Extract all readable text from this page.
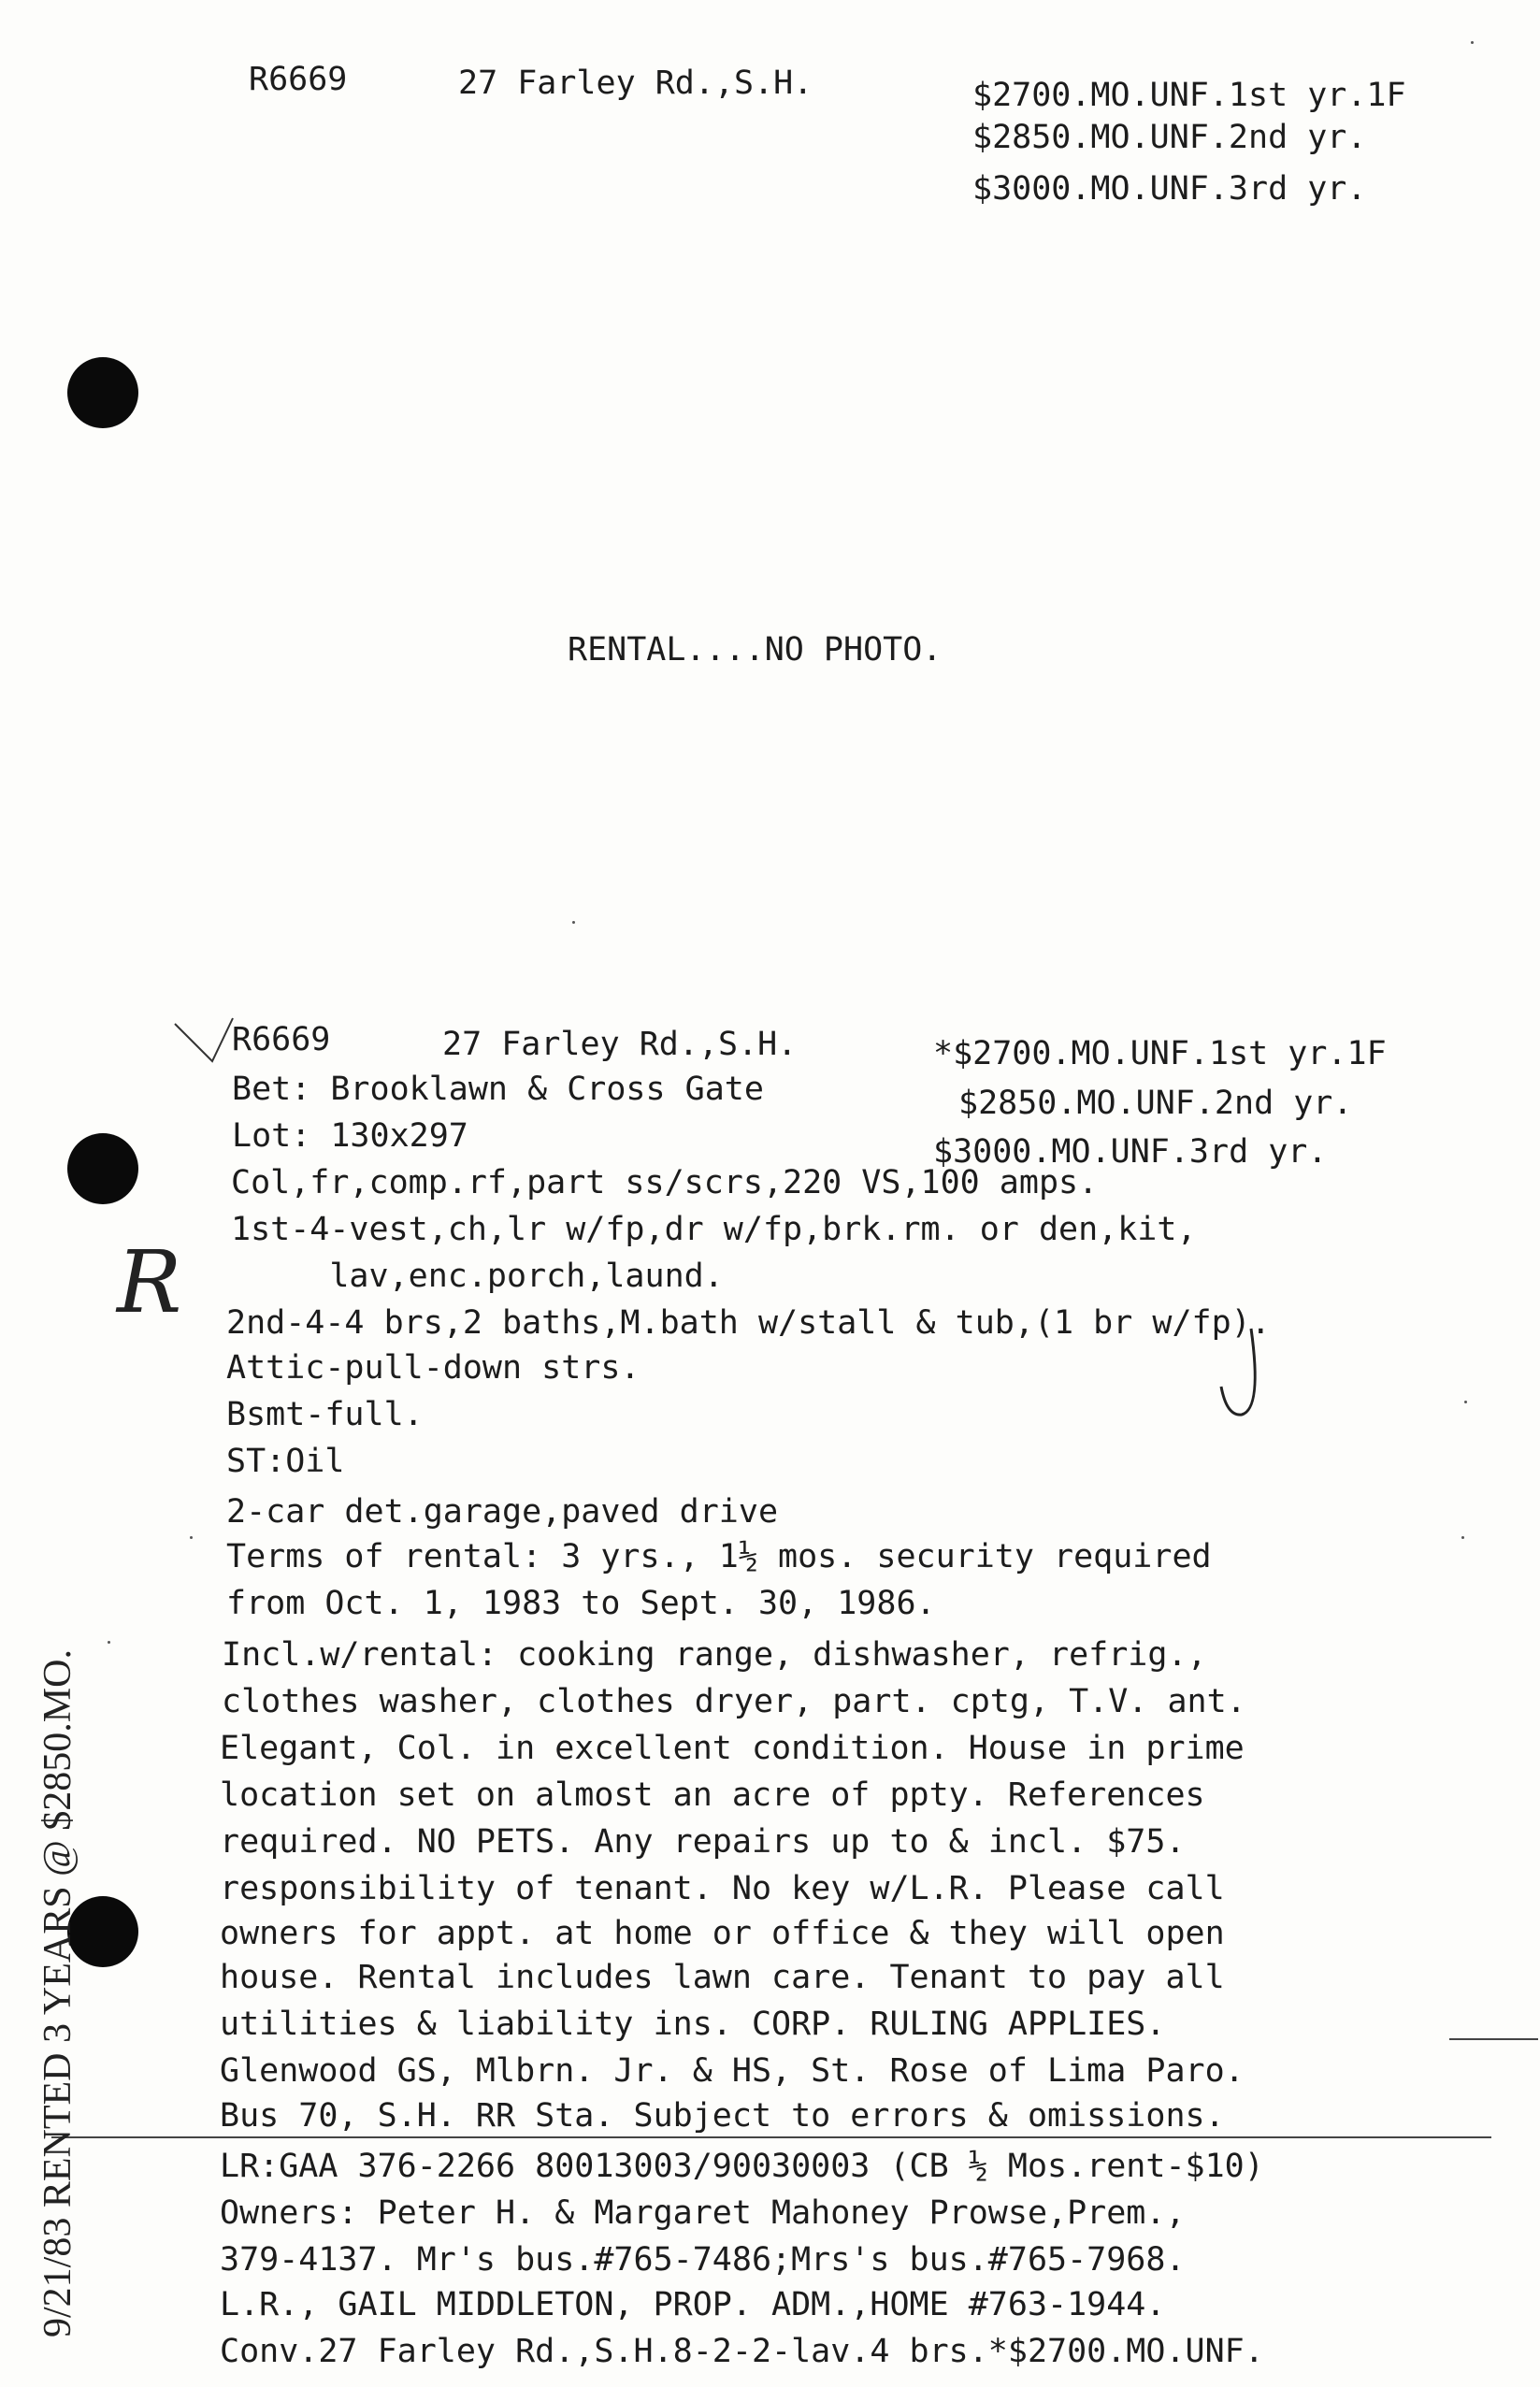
R6669	27 Farley Rd.,S.H.	$2700.MO.UNF.1st yr.1F
$2850.MO.UNF.2nd yr.
$3000.MO.UNF.3rd yr.
RENTAL....NO PHOTO.
R6669	27 Farley Rd.,S.H.	*$2700.MO.UNF.1st yr.1F
$2850.MO.UNF.2nd yr.
$3000.MO.UNF.3rd yr.
Bet: Brooklawn & Cross Gate
Lot: 130x297
Col,fr,comp.rf,part ss/scrs,220 VS,100 amps.
1st-4-vest,ch,lr w/fp,dr w/fp,brk.rm. or den,kit,
lav,enc.porch,laund.
2nd-4-4 brs,2 baths,M.bath w/stall & tub,(1 br w/fp).
Attic-pull-down strs.
Bsmt-full.
ST:Oil
2-car det.garage,paved drive
Terms of rental: 3 yrs., 1½ mos. security required
from Oct. 1, 1983 to Sept. 30, 1986.
Incl.w/rental: cooking range, dishwasher, refrig.,
clothes washer, clothes dryer, part. cptg, T.V. ant.
Elegant, Col. in excellent condition. House in prime
location set on almost an acre of ppty. References
required. NO PETS. Any repairs up to & incl. $75.
responsibility of tenant. No key w/L.R. Please call
owners for appt. at home or office & they will open
house. Rental includes lawn care. Tenant to pay all
utilities & liability ins. CORP. RULING APPLIES.
Glenwood GS, Mlbrn. Jr. & HS, St. Rose of Lima Paro.
Bus 70, S.H. RR Sta. Subject to errors & omissions.
LR:GAA 376-2266 80013003/90030003 (CB ½ Mos.rent-$10)
Owners: Peter H. & Margaret Mahoney Prowse,Prem.,
379-4137. Mr's bus.#765-7486;Mrs's bus.#765-7968.
L.R., GAIL MIDDLETON, PROP. ADM.,HOME #763-1944.
Conv.27 Farley Rd.,S.H.8-2-2-lav.4 brs.*$2700.MO.UNF.
R
9/21/83 RENTED 3 YEARS @ $2850.MO.
